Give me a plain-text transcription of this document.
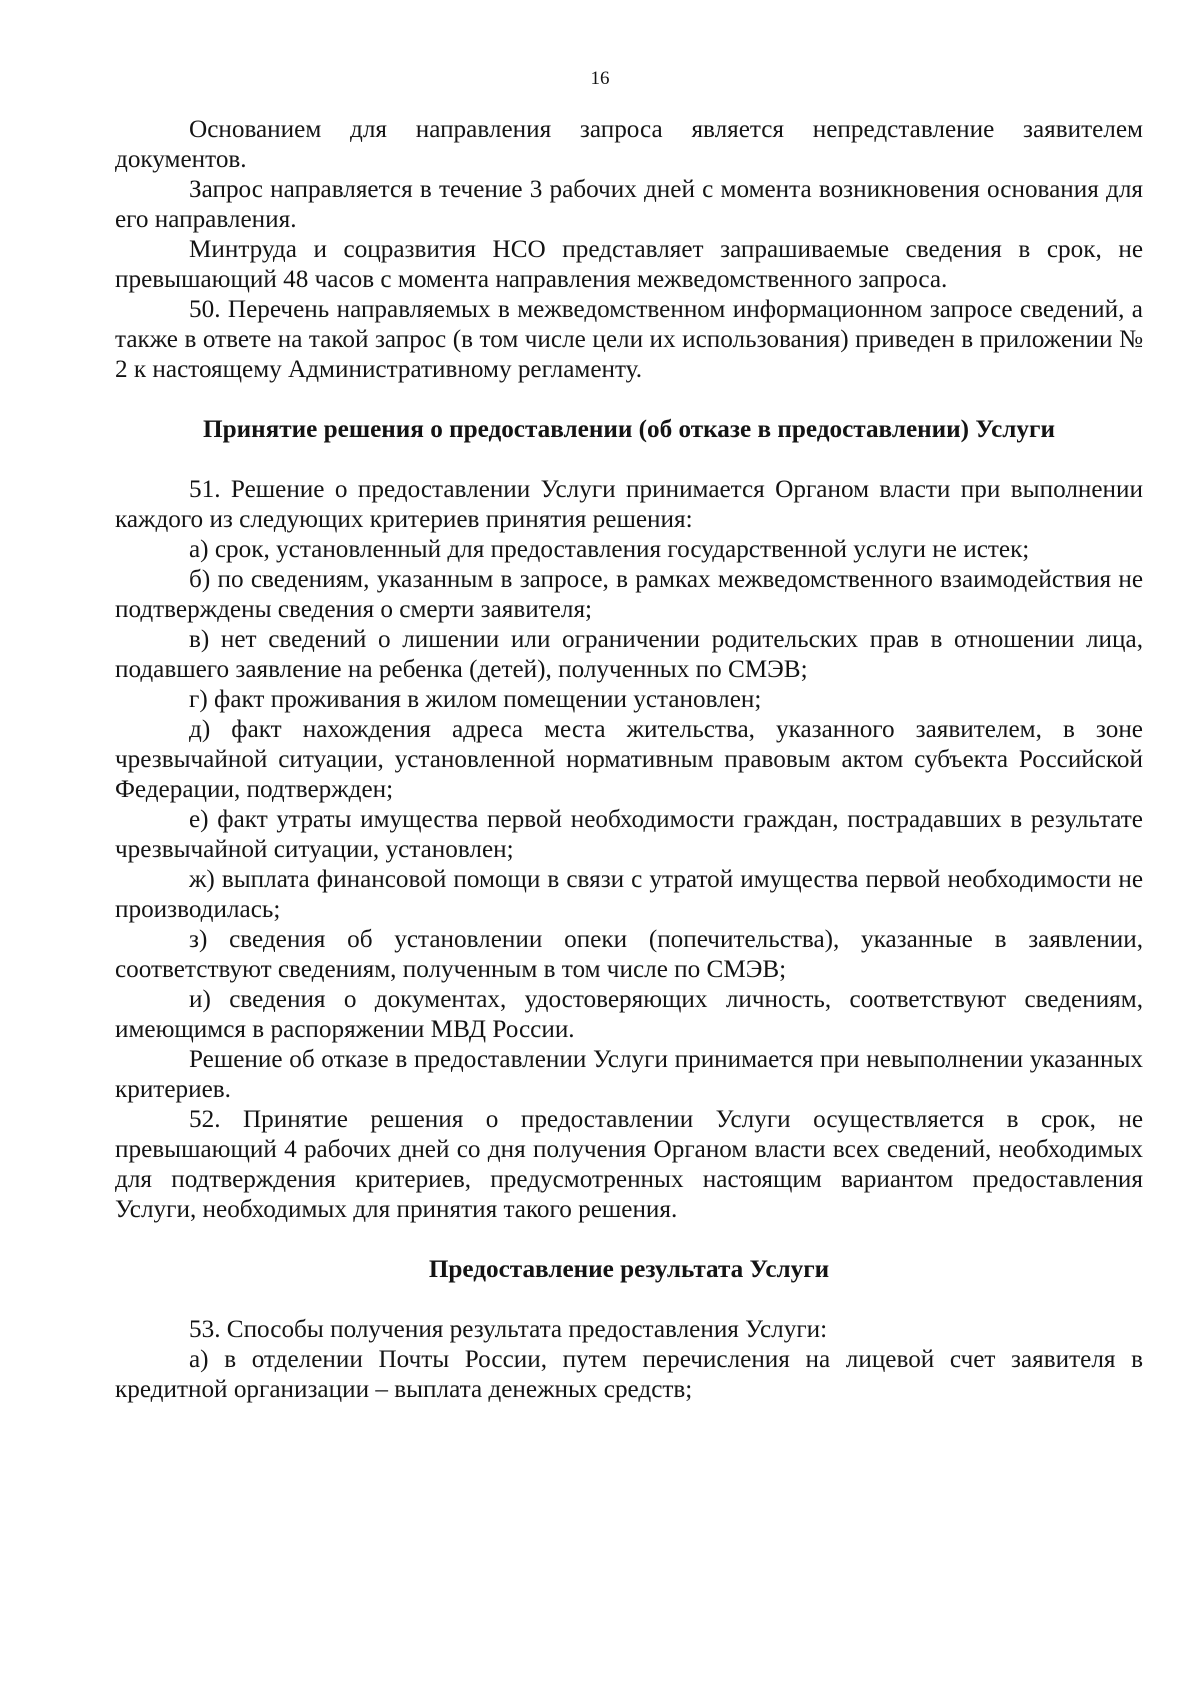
16

Основанием для направления запроса является непредставление заявителем документов.

Запрос направляется в течение 3 рабочих дней с момента возникновения основания для его направления.

Минтруда и соцразвития НСО представляет запрашиваемые сведения в срок, не превышающий 48 часов с момента направления межведомственного запроса.

50. Перечень направляемых в межведомственном информационном запросе сведений, а также в ответе на такой запрос (в том числе цели их использования) приведен в приложении № 2 к настоящему Административному регламенту.

Принятие решения о предоставлении (об отказе в предоставлении) Услуги

51. Решение о предоставлении Услуги принимается Органом власти при выполнении каждого из следующих критериев принятия решения:

а) срок, установленный для предоставления государственной услуги не истек;

б) по сведениям, указанным в запросе, в рамках межведомственного взаимодействия не подтверждены сведения о смерти заявителя;

в) нет сведений о лишении или ограничении родительских прав в отношении лица, подавшего заявление на ребенка (детей), полученных по СМЭВ;

г) факт проживания в жилом помещении установлен;

д) факт нахождения адреса места жительства, указанного заявителем, в зоне чрезвычайной ситуации, установленной нормативным правовым актом субъекта Российской Федерации, подтвержден;

е) факт утраты имущества первой необходимости граждан, пострадавших в результате чрезвычайной ситуации, установлен;

ж) выплата финансовой помощи в связи с утратой имущества первой необходимости не производилась;

з) сведения об установлении опеки (попечительства), указанные в заявлении, соответствуют сведениям, полученным в том числе по СМЭВ;

и) сведения о документах, удостоверяющих личность, соответствуют сведениям, имеющимся в распоряжении МВД России.

Решение об отказе в предоставлении Услуги принимается при невыполнении указанных критериев.

52. Принятие решения о предоставлении Услуги осуществляется в срок, не превышающий 4 рабочих дней со дня получения Органом власти всех сведений, необходимых для подтверждения критериев, предусмотренных настоящим вариантом предоставления Услуги, необходимых для принятия такого решения.

Предоставление результата Услуги

53. Способы получения результата предоставления Услуги:

а) в отделении Почты России, путем перечисления на лицевой счет заявителя в кредитной организации – выплата денежных средств;
